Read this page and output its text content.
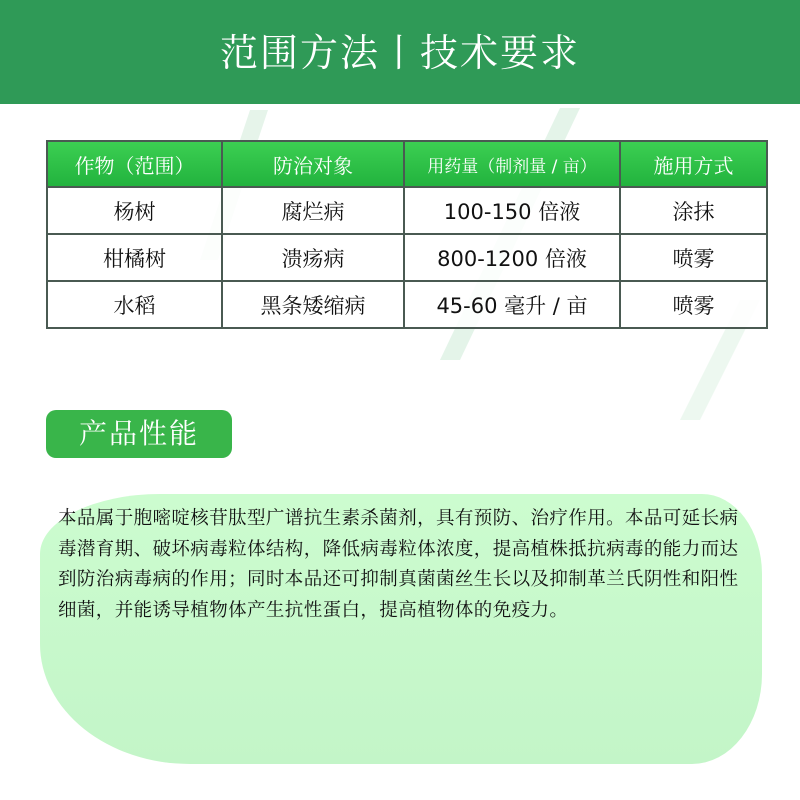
范围方法丨技术要求
作物（范围）	防治对象	用药量（制剂量 / 亩）	施用方式
杨树	腐烂病	100-150 倍液	涂抹
柑橘树	溃疡病	800-1200 倍液	喷雾
水稻	黑条矮缩病	45-60 毫升 / 亩	喷雾
产品性能
本品属于胞嘧啶核苷肽型广谱抗生素杀菌剂，具有预防、治疗作用。本品可延长病毒潜育期、破坏病毒粒体结构，降低病毒粒体浓度，提高植株抵抗病毒的能力而达到防治病毒病的作用；同时本品还可抑制真菌菌丝生长以及抑制革兰氏阴性和阳性细菌，并能诱导植物体产生抗性蛋白，提高植物体的免疫力。
